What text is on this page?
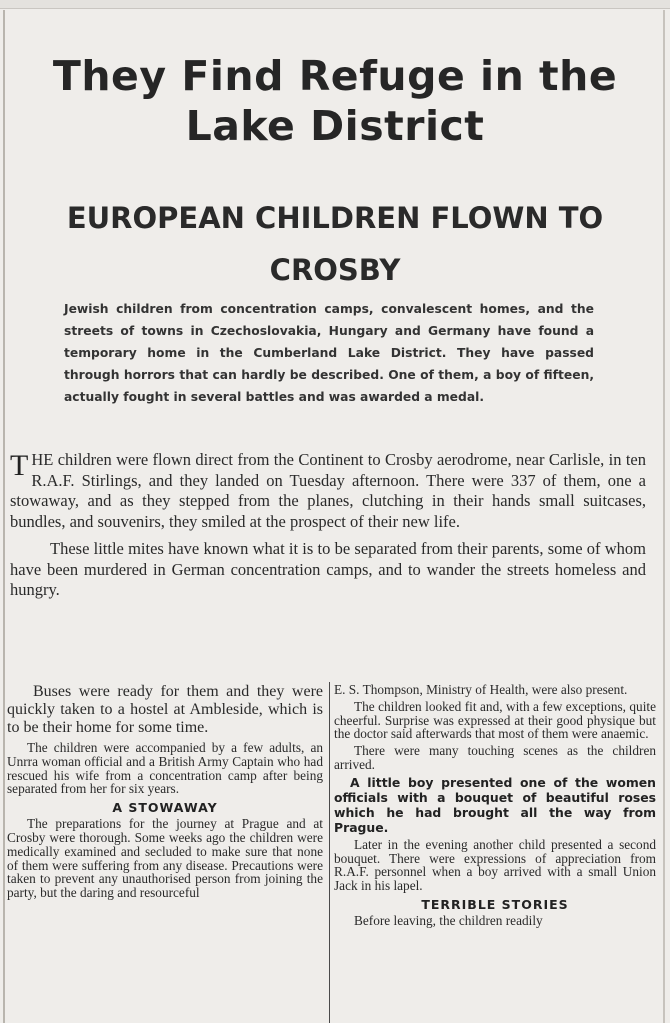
They Find Refuge in the Lake District
EUROPEAN CHILDREN FLOWN TO CROSBY

Jewish children from concentration camps, convalescent homes, and the streets of towns in Czechoslovakia, Hungary and Germany have found a temporary home in the Cumberland Lake District. They have passed through horrors that can hardly be described. One of them, a boy of fifteen, actually fought in several battles and was awarded a medal.

THE children were flown direct from the Continent to Crosby aerodrome, near Carlisle, in ten R.A.F. Stirlings, and they landed on Tuesday afternoon. There were 337 of them, one a stowaway, and as they stepped from the planes, clutching in their hands small suitcases, bundles, and souvenirs, they smiled at the prospect of their new life.

These little mites have known what it is to be separated from their parents, some of whom have been murdered in German concentration camps, and to wander the streets homeless and hungry.

Buses were ready for them and they were quickly taken to a hostel at Ambleside, which is to be their home for some time.

The children were accompanied by a few adults, an Unrra woman official and a British Army Captain who had rescued his wife from a concentration camp after being separated from her for six years.

A STOWAWAY

The preparations for the journey at Prague and at Crosby were thorough. Some weeks ago the children were medically examined and secluded to make sure that none of them were suffering from any disease. Precautions were taken to prevent any unauthorised person from joining the party, but the daring and resourceful

E. S. Thompson, Ministry of Health, were also present.

The children looked fit and, with a few exceptions, quite cheerful. Surprise was expressed at their good physique but the doctor said afterwards that most of them were anaemic.

There were many touching scenes as the children arrived.

A little boy presented one of the women officials with a bouquet of beautiful roses which he had brought all the way from Prague.

Later in the evening another child presented a second bouquet. There were expressions of appreciation from R.A.F. personnel when a boy arrived with a small Union Jack in his lapel.

TERRIBLE STORIES

Before leaving, the children readily
